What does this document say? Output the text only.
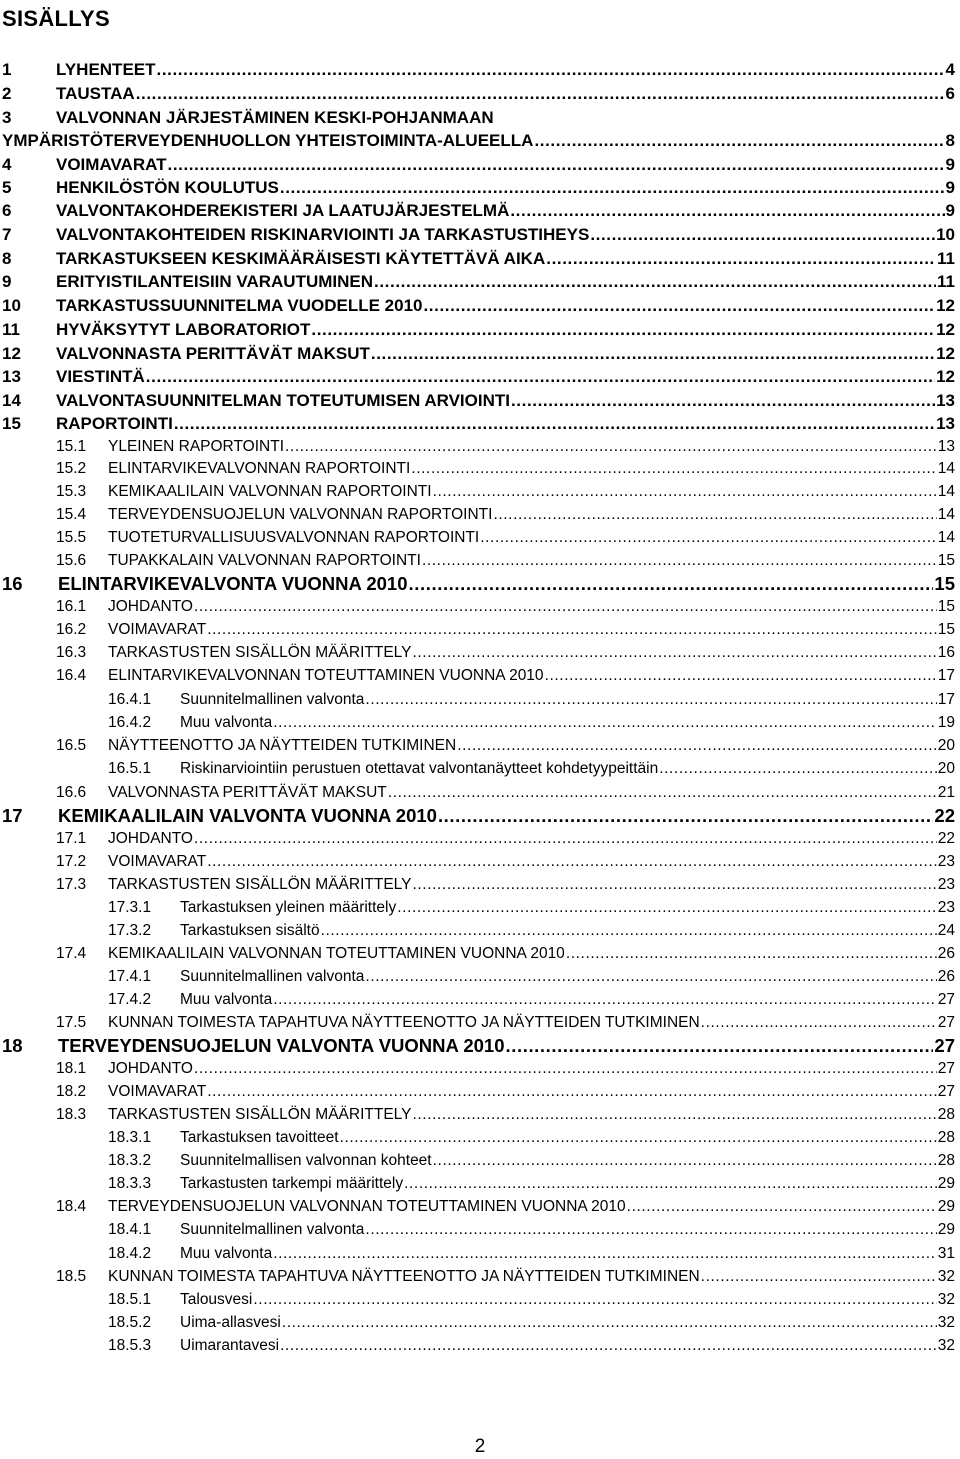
SISÄLLYS
1	LYHENTEET .....	4
2	TAUSTAA .....	6
3	VALVONNAN JÄRJESTÄMINEN KESKI-POHJANMAAN
YMPÄRISTÖTERVEYDENHUOLLON YHTEISTOIMINTA-ALUEELLA .....	8
4	VOIMAVARAT .....	9
5	HENKILÖSTÖN KOULUTUS .....	9
6	VALVONTAKOHDEREKISTERI JA LAATUJÄRJESTELMÄ .....	9
7	VALVONTAKOHTEIDEN RISKINARVIOINTI JA TARKASTUSTIHEYS .....	10
8	TARKASTUKSEEN KESKIMÄÄRÄISESTI KÄYTETTÄVÄ AIKA .....	11
9	ERITYISTILANTEISIIN VARAUTUMINEN .....	11
10 TARKASTUSSUUNNITELMA VUODELLE 2010 .....	12
11 HYVÄKSYTYT LABORATORIOT .....	12
12 VALVONNASTA PERITTÄVÄT MAKSUT .....	12
13 VIESTINTÄ .....	12
14 VALVONTASUUNNITELMAN TOTEUTUMISEN ARVIOINTI .....	13
15 RAPORTOINTI .....	13
15.1 YLEINEN RAPORTOINTI .....	13
15.2 ELINTARVIKEVALVONNAN RAPORTOINTI .....	14
15.3 KEMIKAALILAIN VALVONNAN RAPORTOINTI .....	14
15.4 TERVEYDENSUOJELUN VALVONNAN RAPORTOINTI .....	14
15.5 TUOTETURVALLISUUSVALVONNAN RAPORTOINTI .....	14
15.6 TUPAKKALAIN VALVONNAN RAPORTOINTI .....	15
16 ELINTARVIKEVALVONTA VUONNA 2010 .....	15
16.1 JOHDANTO .....	15
16.2 VOIMAVARAT .....	15
16.3 TARKASTUSTEN SISÄLLÖN MÄÄRITTELY .....	16
16.4 ELINTARVIKEVALVONNAN TOTEUTTAMINEN VUONNA 2010 .....	17
16.4.1 Suunnitelmallinen valvonta .....	17
16.4.2 Muu valvonta .....	19
16.5 NÄYTTEENOTTO JA NÄYTTEIDEN TUTKIMINEN .....	20
16.5.1 Riskinarviointiin perustuen otettavat valvontanäytteet kohdetyypeittäin .....	20
16.6 VALVONNASTA PERITTÄVÄT MAKSUT .....	21
17 KEMIKAALILAIN VALVONTA VUONNA 2010 .....	22
17.1 JOHDANTO .....	22
17.2 VOIMAVARAT .....	23
17.3 TARKASTUSTEN SISÄLLÖN MÄÄRITTELY .....	23
17.3.1 Tarkastuksen yleinen määrittely .....	23
17.3.2 Tarkastuksen sisältö .....	24
17.4 KEMIKAALILAIN VALVONNAN TOTEUTTAMINEN VUONNA 2010 .....	26
17.4.1 Suunnitelmallinen valvonta .....	26
17.4.2 Muu valvonta .....	27
17.5 KUNNAN TOIMESTA TAPAHTUVA NÄYTTEENOTTO JA NÄYTTEIDEN TUTKIMINEN .....	27
18 TERVEYDENSUOJELUN VALVONTA VUONNA 2010 .....	27
18.1 JOHDANTO .....	27
18.2 VOIMAVARAT .....	27
18.3 TARKASTUSTEN SISÄLLÖN MÄÄRITTELY .....	28
18.3.1 Tarkastuksen tavoitteet .....	28
18.3.2 Suunnitelmallisen valvonnan kohteet .....	28
18.3.3 Tarkastusten tarkempi määrittely .....	29
18.4 TERVEYDENSUOJELUN VALVONNAN TOTEUTTAMINEN VUONNA 2010 .....	29
18.4.1 Suunnitelmallinen valvonta .....	29
18.4.2 Muu valvonta .....	31
18.5 KUNNAN TOIMESTA TAPAHTUVA NÄYTTEENOTTO JA NÄYTTEIDEN TUTKIMINEN .....	32
18.5.1 Talousvesi .....	32
18.5.2 Uima-allasvesi .....	32
18.5.3 Uimarantavesi .....	32
2
